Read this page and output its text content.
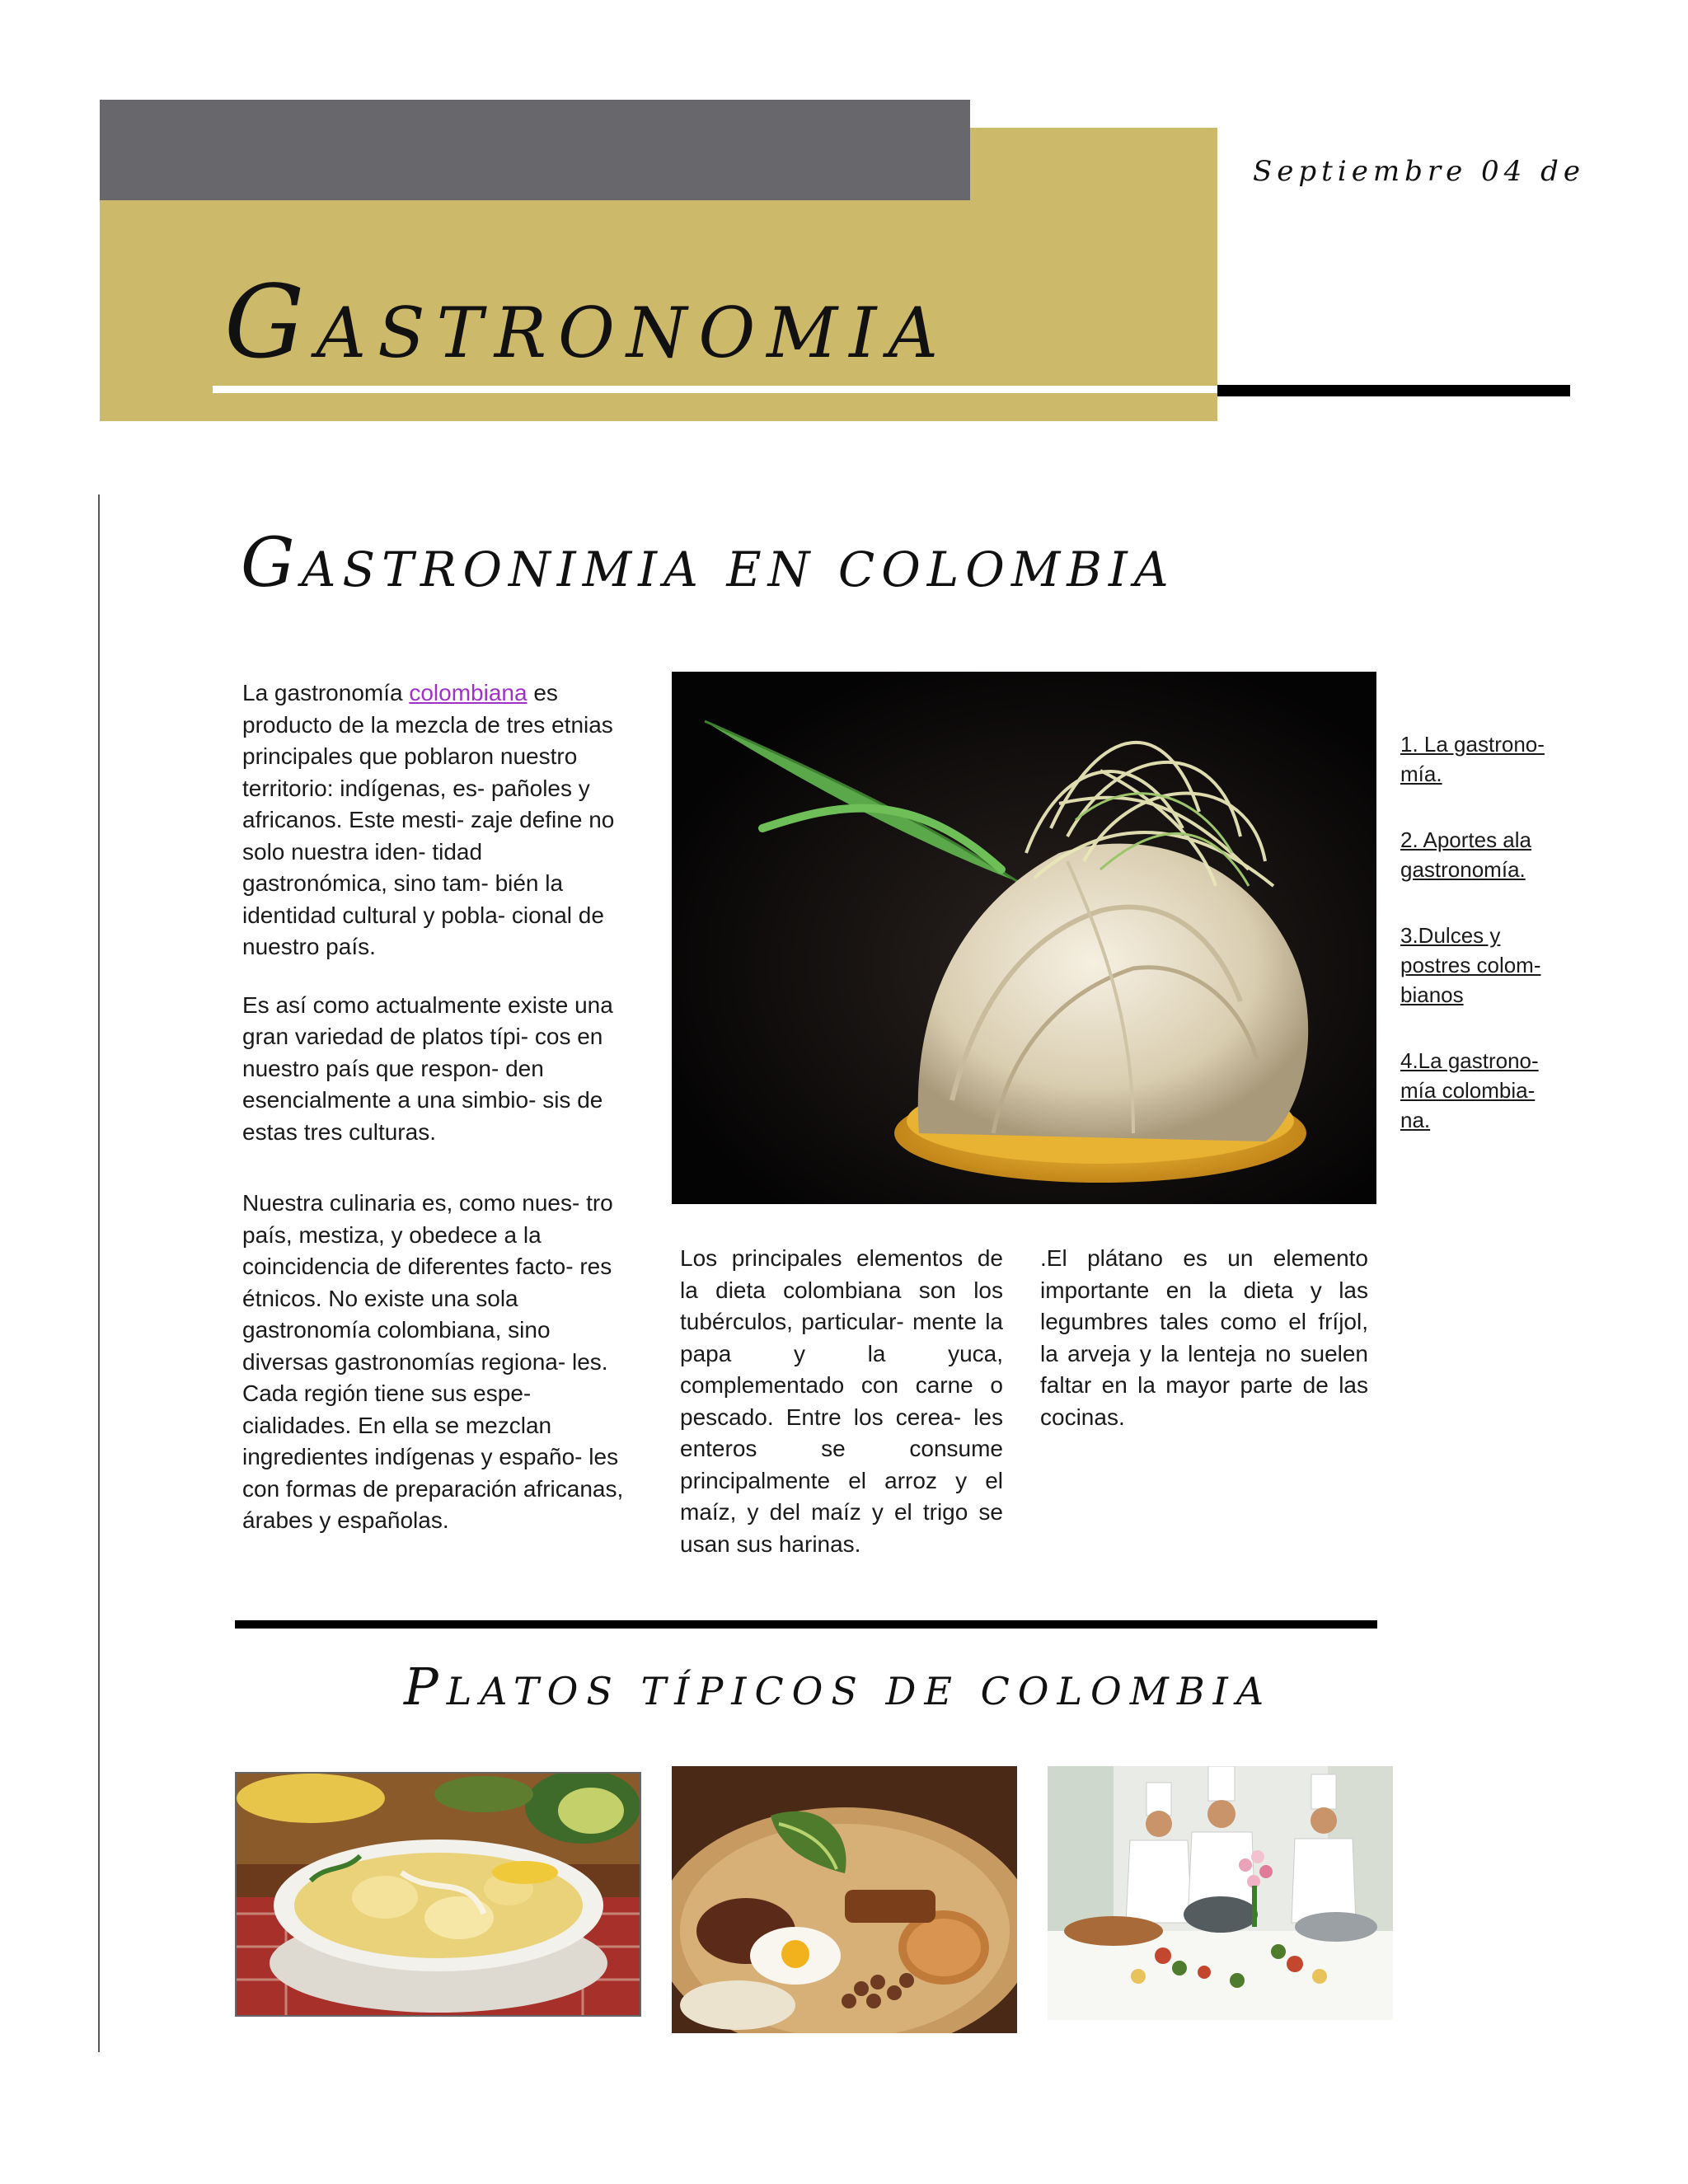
Septiembre 04 de
GASTRONOMIA
GASTRONIMIA EN COLOMBIA

La gastronomía colombiana es producto de la mezcla de tres etnias principales que poblaron nuestro territorio: indígenas, es- pañoles y africanos. Este mesti- zaje define no solo nuestra iden- tidad gastronómica, sino tam- bién la identidad cultural y pobla- cional de nuestro país.

Es así como actualmente existe una gran variedad de platos típi- cos en nuestro país que respon- den esencialmente a una simbio- sis de estas tres culturas.

Nuestra culinaria es, como nues- tro país, mestiza, y obedece a la coincidencia de diferentes facto- res étnicos. No existe una sola gastronomía colombiana, sino diversas gastronomías regiona- les. Cada región tiene sus espe- cialidades. En ella se mezclan ingredientes indígenas y españo- les con formas de preparación africanas, árabes y españolas.

Los principales elementos de la dieta colombiana son los tubérculos, particular- mente la papa y la yuca, complementado con carne o pescado. Entre los cerea- les enteros se consume principalmente el arroz y el maíz, y del maíz y el trigo se usan sus harinas.

.El plátano es un elemento importante en la dieta y las legumbres tales como el fríjol, la arveja y la lenteja no suelen faltar en la mayor parte de las cocinas.

1. La gastrono- mía.
2. Aportes ala gastronomía.
3.Dulces y postres colom- bianos
4.La gastrono- mía colombia- na.
PLATOS TÍPICOS DE COLOMBIA
